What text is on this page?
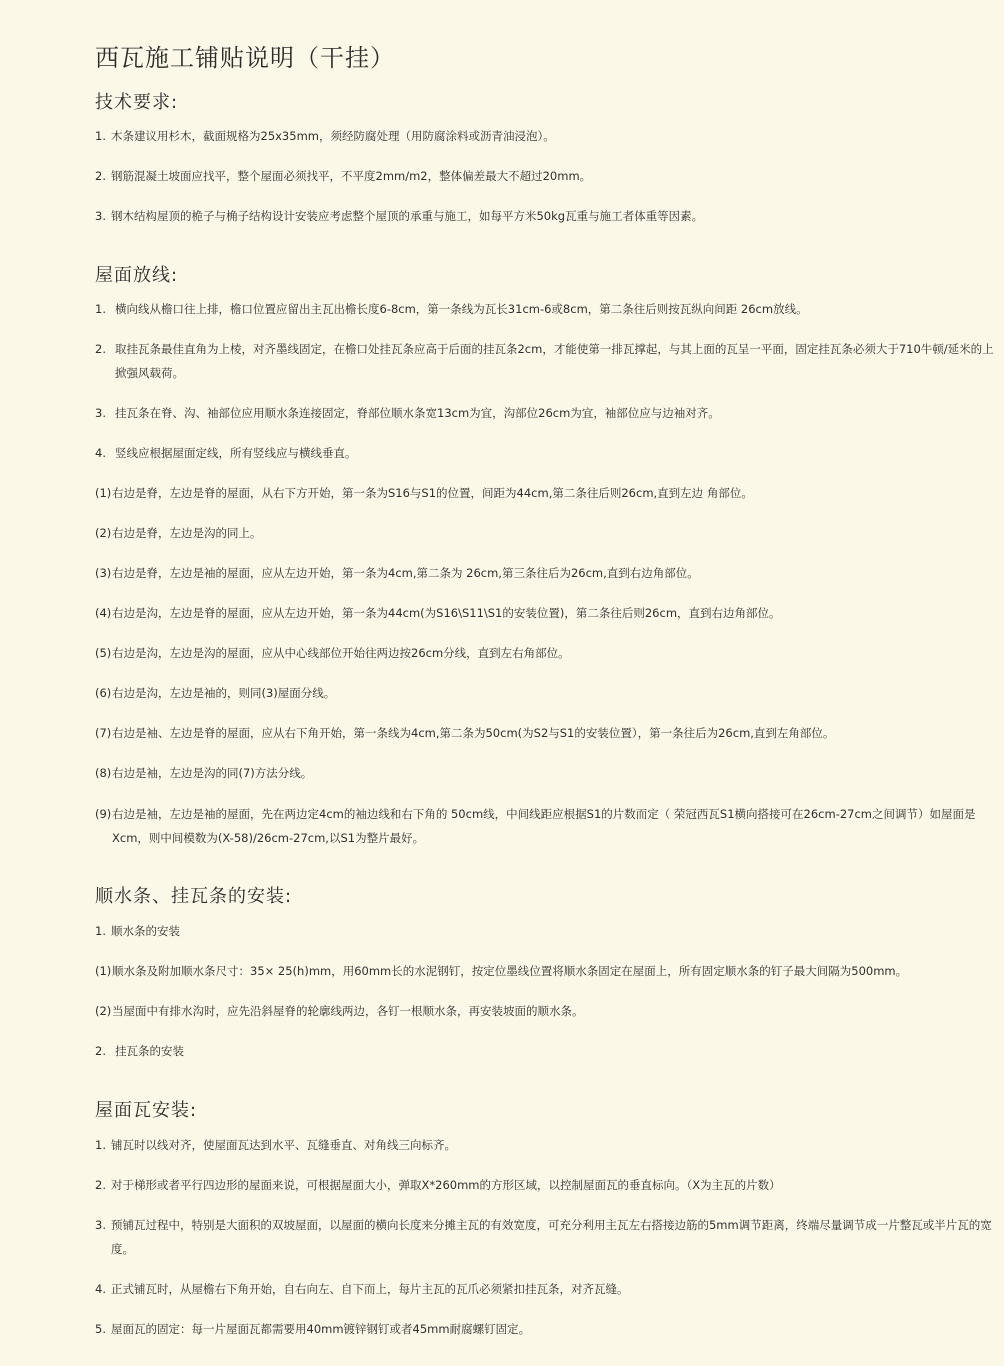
西瓦施工铺贴说明（干挂）
技术要求:
1. 木条建议用杉木，截面规格为25x35mm，须经防腐处理（用防腐涂料或沥青油浸泡）。
2. 钢筋混凝土坡面应找平，整个屋面必须找平，不平度2mm/m2，整体偏差最大不超过20mm。
3. 钢木结构屋顶的桅子与桷子结构设计安装应考虑整个屋顶的承重与施工，如每平方米50kg瓦重与施工者体重等因素。
屋面放线:
1. 横向线从檐口往上排，檐口位置应留出主瓦出檐长度6-8cm，第一条线为瓦长31cm-6或8cm，第二条往后则按瓦纵向间距 26cm放线。
2. 取挂瓦条最佳直角为上棱，对齐墨线固定，在檐口处挂瓦条应高于后面的挂瓦条2cm，才能使第一排瓦撑起，与其上面的瓦呈一平面，固定挂瓦条必须大于710牛顿/延米的上掀强风载荷。
3. 挂瓦条在脊、沟、袖部位应用顺水条连接固定，脊部位顺水条宽13cm为宜，沟部位26cm为宜，袖部位应与边袖对齐。
4. 竖线应根据屋面定线，所有竖线应与横线垂直。
(1) 右边是脊，左边是脊的屋面，从右下方开始，第一条为S16与S1的位置，间距为44cm,第二条往后则26cm,直到左边 角部位。
(2) 右边是脊，左边是沟的同上。
(3) 右边是脊，左边是袖的屋面，应从左边开始，第一条为4cm,第二条为 26cm,第三条往后为26cm,直到右边角部位。
(4) 右边是沟，左边是脊的屋面，应从左边开始，第一条为44cm(为S16\S11\S1的安装位置)，第二条往后则26cm，直到右边角部位。
(5) 右边是沟，左边是沟的屋面，应从中心线部位开始往两边按26cm分线，直到左右角部位。
(6) 右边是沟，左边是袖的，则同(3)屋面分线。
(7) 右边是袖、左边是脊的屋面，应从右下角开始，第一条线为4cm,第二条为50cm(为S2与S1的安装位置），第一条往后为26cm,直到左角部位。
(8) 右边是袖，左边是沟的同(7)方法分线。
(9) 右边是袖，左边是袖的屋面，先在两边定4cm的袖边线和右下角的 50cm线，中间线距应根据S1的片数而定（ 荣冠西瓦S1横向搭接可在26cm-27cm之间调节）如屋面是Xcm，则中间模数为(X-58)/26cm-27cm,以S1为整片最好。
顺水条、挂瓦条的安装:
1. 顺水条的安装
(1) 顺水条及附加顺水条尺寸：35× 25(h)mm，用60mm长的水泥钢钉，按定位墨线位置将顺水条固定在屋面上，所有固定顺水条的钉子最大间隔为500mm。
(2) 当屋面中有排水沟时，应先沿斜屋脊的轮廓线两边，各钉一根顺水条，再安装坡面的顺水条。
2. 挂瓦条的安装
屋面瓦安装:
1. 铺瓦时以线对齐，使屋面瓦达到水平、瓦缝垂直、对角线三向标齐。
2. 对于梯形或者平行四边形的屋面来说，可根据屋面大小，弹取X*260mm的方形区域，以控制屋面瓦的垂直标向。（X为主瓦的片数）
3. 预铺瓦过程中，特别是大面积的双坡屋面，以屋面的横向长度来分摊主瓦的有效宽度，可充分利用主瓦左右搭接边筋的5mm调节距离，终端尽量调节成一片整瓦或半片瓦的宽度。
4. 正式铺瓦时，从屋檐右下角开始，自右向左、自下而上，每片主瓦的瓦爪必须紧扣挂瓦条，对齐瓦缝。
5. 屋面瓦的固定：每一片屋面瓦都需要用40mm镀锌钢钉或者45mm耐腐螺钉固定。
